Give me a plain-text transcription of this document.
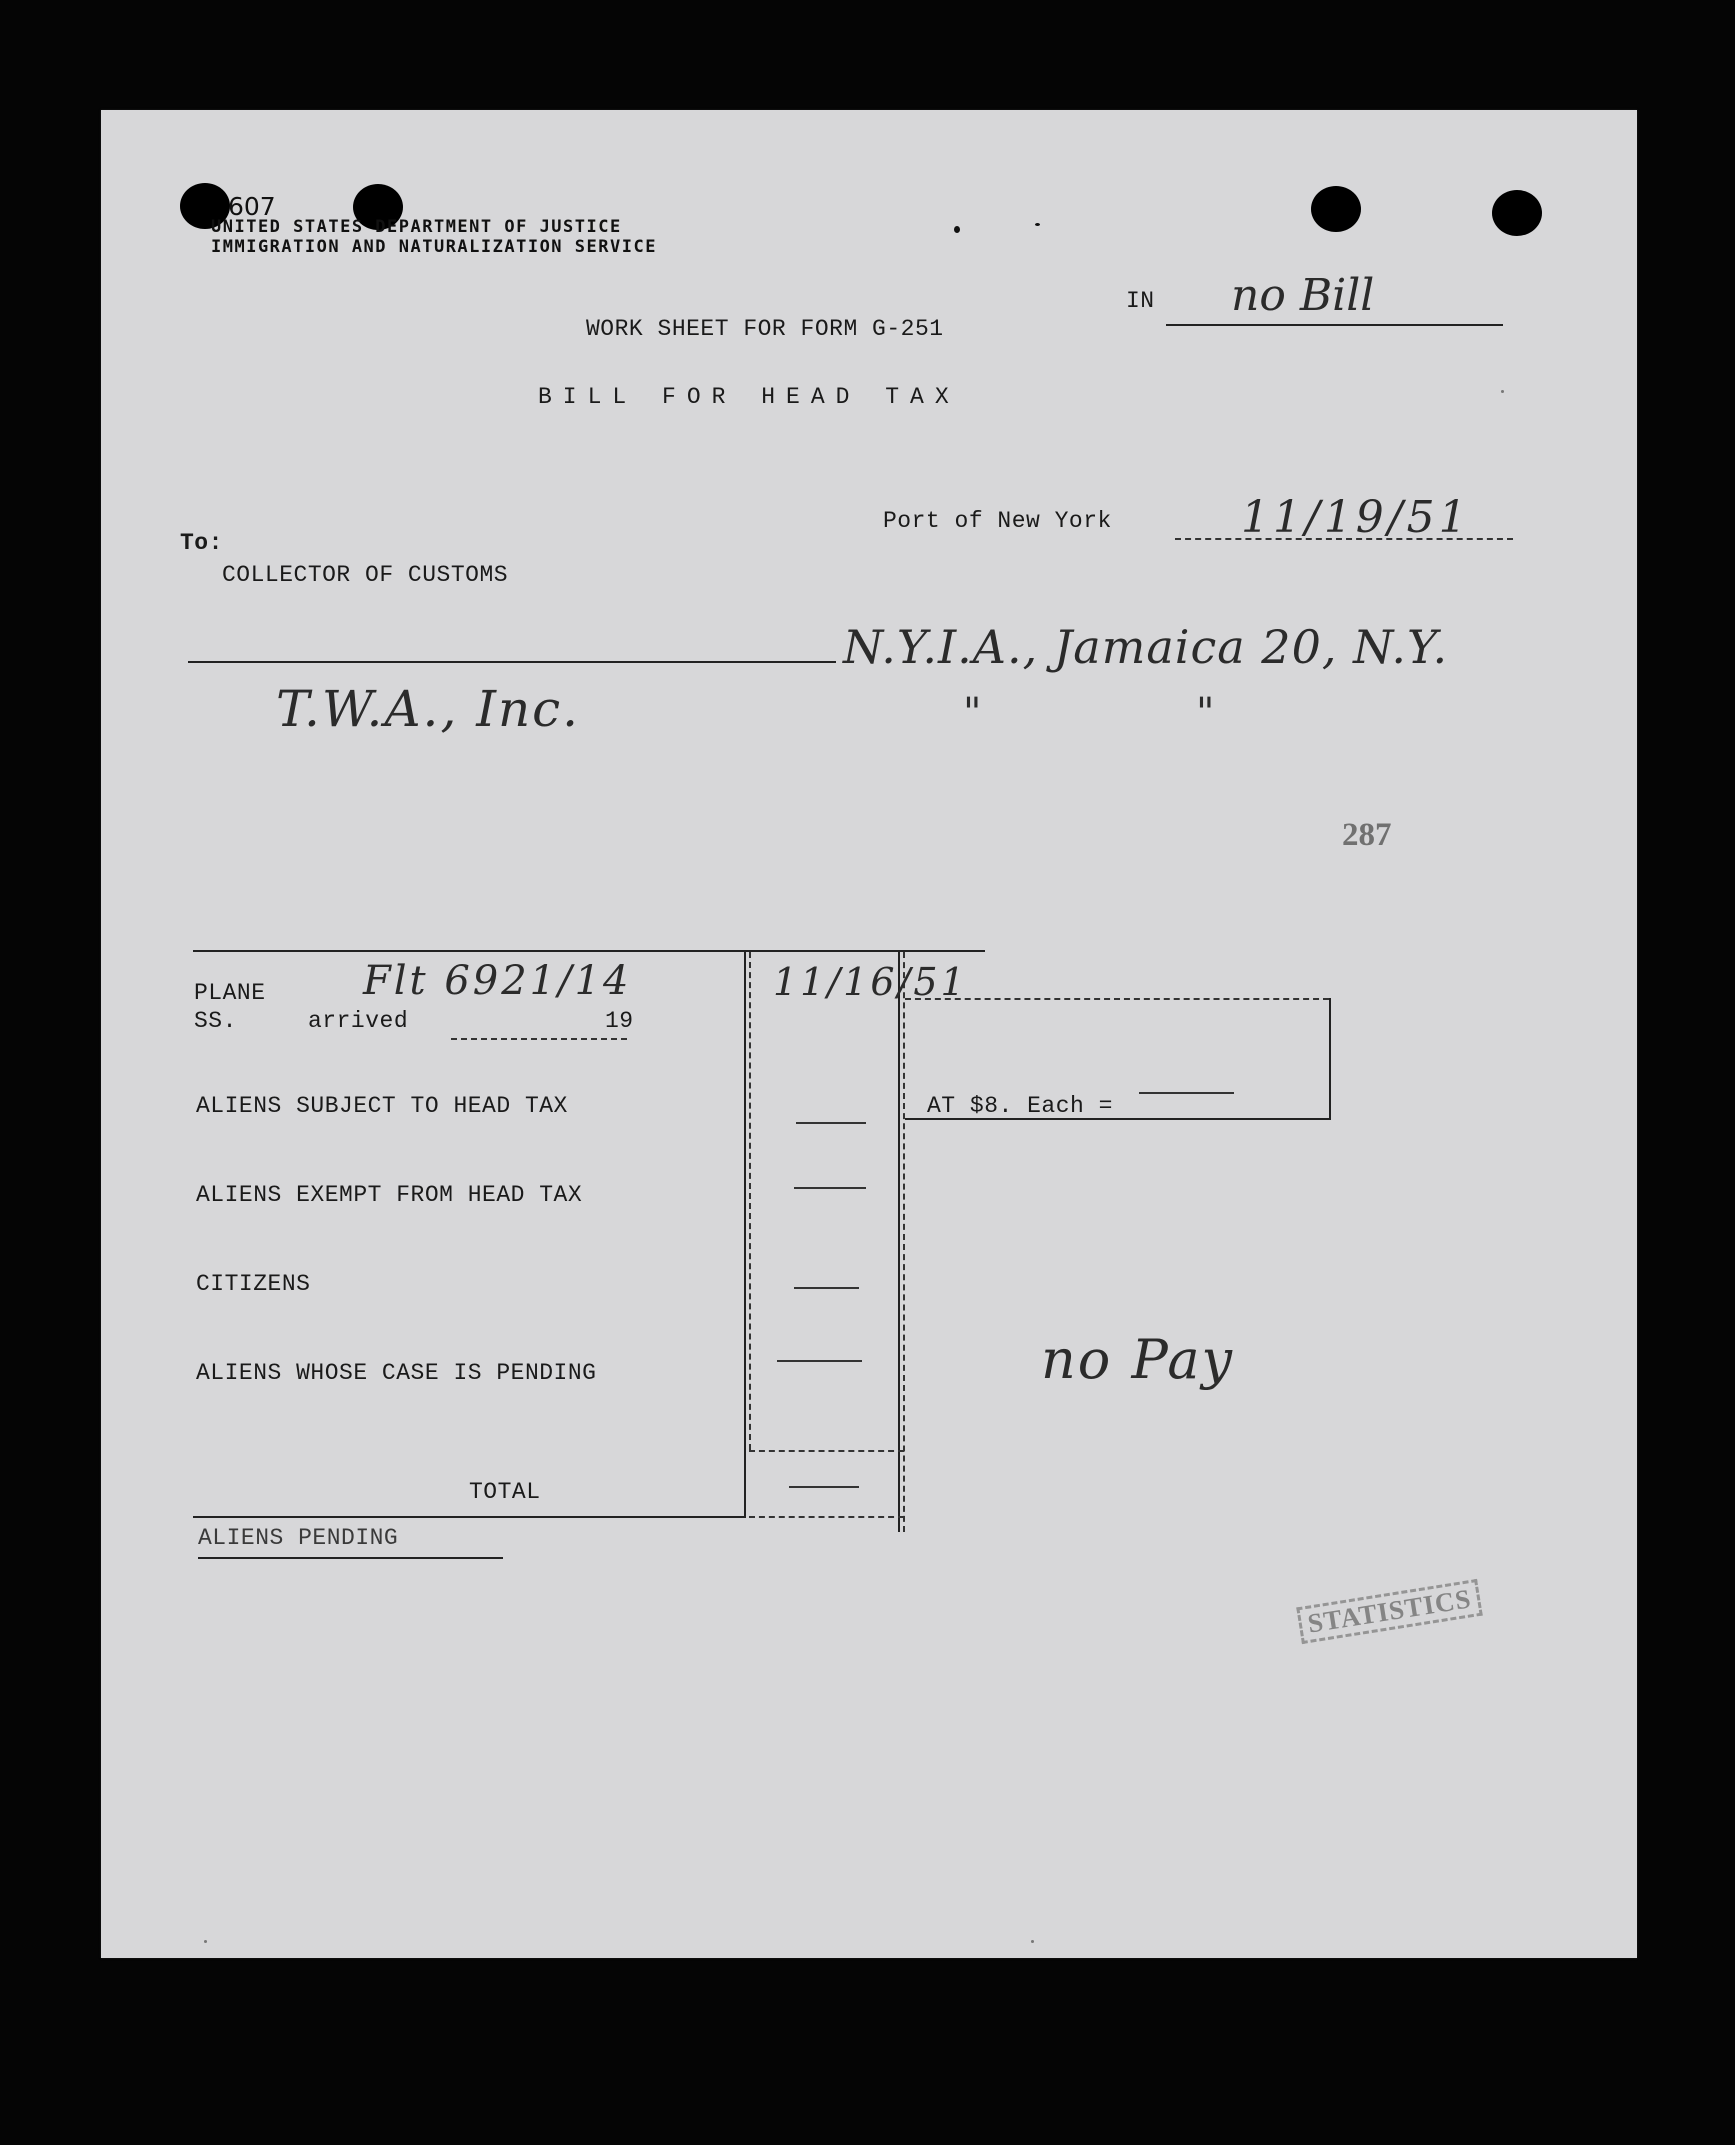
607
UNITED STATES DEPARTMENT OF JUSTICE
IMMIGRATION AND NATURALIZATION SERVICE
IN no Bill
WORK SHEET FOR FORM G-251
BILL FOR HEAD TAX
Port of New York	11/19/51
To:
COLLECTOR OF CUSTOMS
N.Y.I.A., Jamaica 20, N.Y.
T.W.A., Inc.	"	"
287
PLANE
SS.	arrived	19
Flt 6921/14	11/16/51
ALIENS SUBJECT TO HEAD TAX
ALIENS EXEMPT FROM HEAD TAX
CITIZENS
ALIENS WHOSE CASE IS PENDING
AT $8. Each =
TOTAL
ALIENS PENDING
no Pay
STATISTICS
